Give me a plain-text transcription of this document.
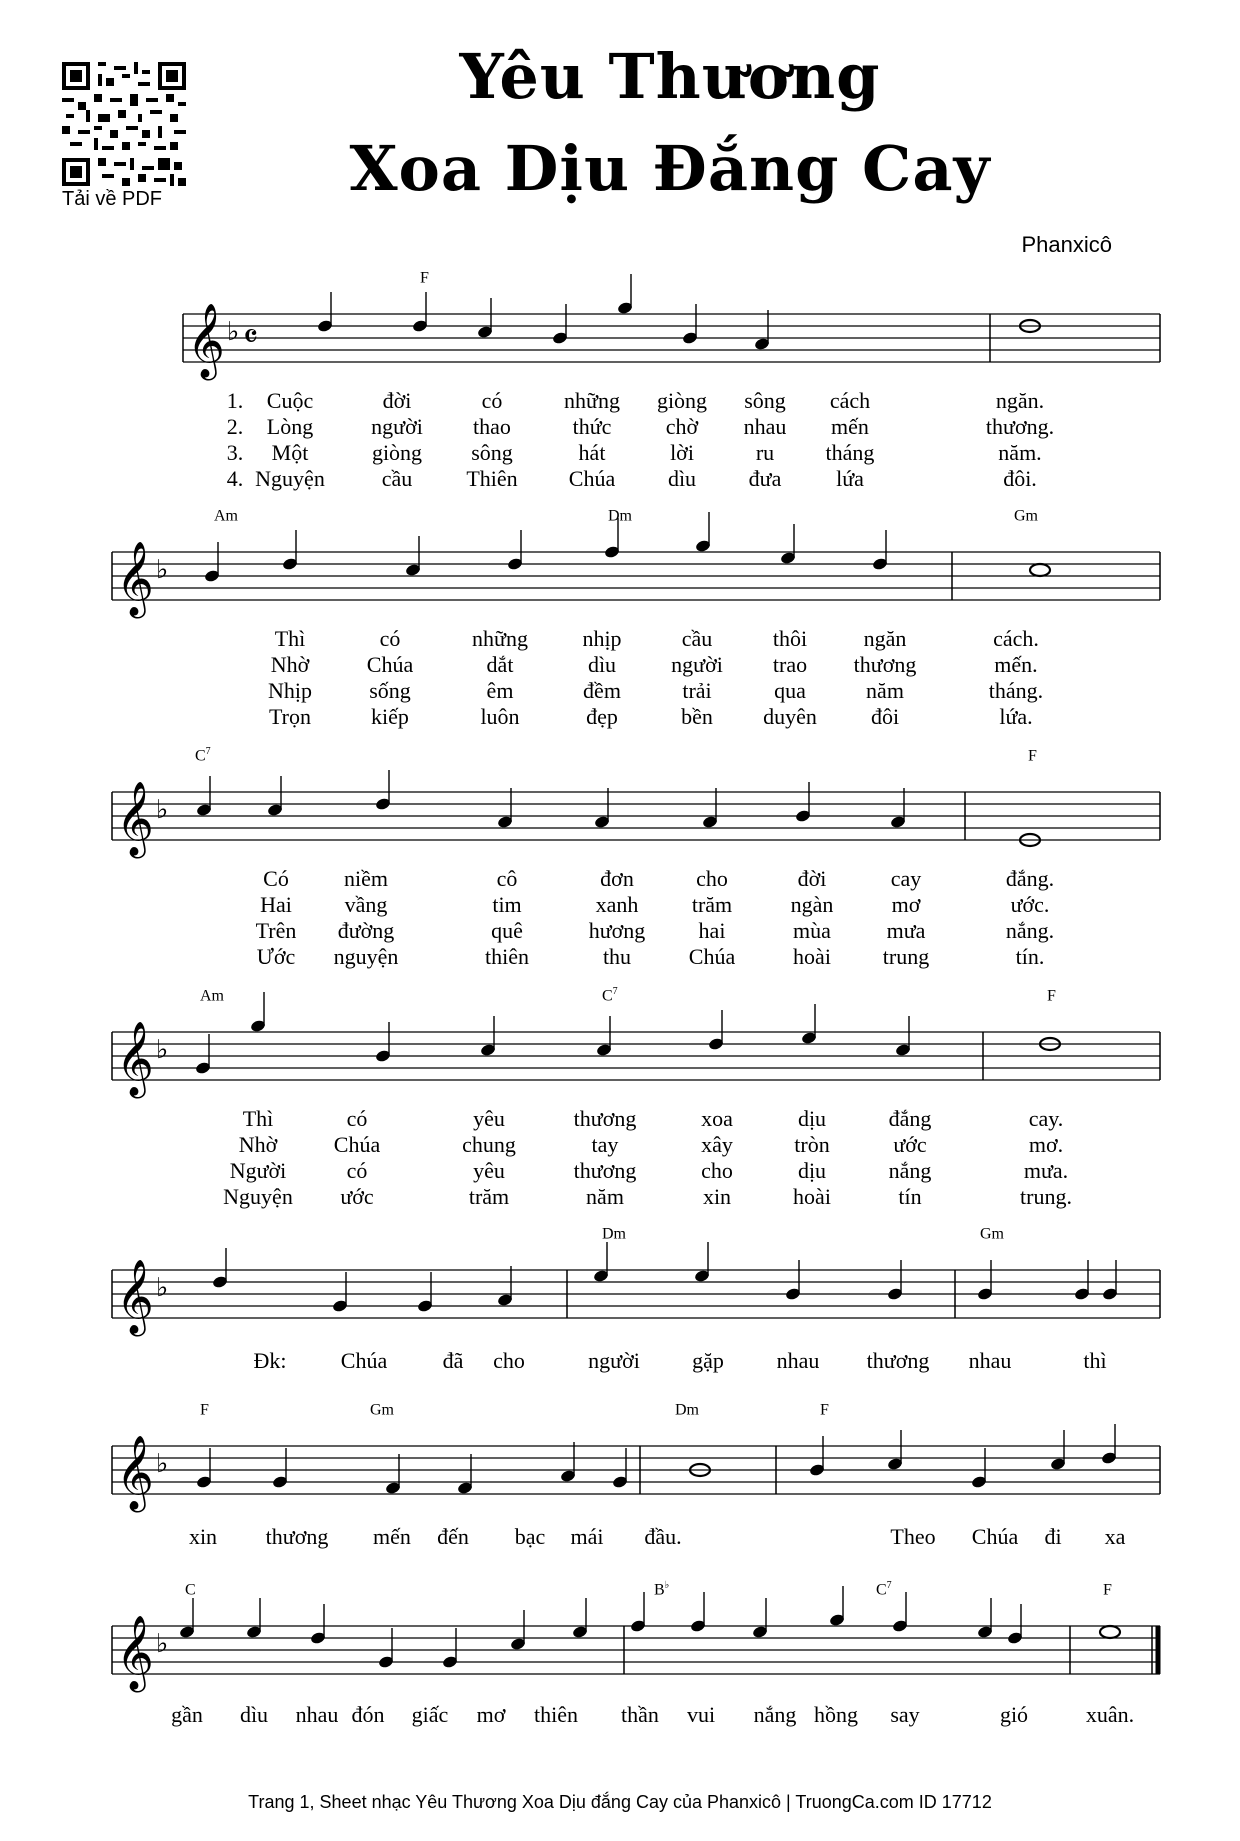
Tải về PDF
Yêu Thương
Xoa Dịu Đắng Cay
Phanxicô
𝄞 ♭ 𝄴
F
1. Cuộc	đời	có	những giòng sông cách	ngăn.
2. Lòng	người thao	thức chờ nhau mến	thương.
3. Một	giòng sông	hát	lời	ru tháng	năm.
4. Nguyện	cầu Thiên Chúa dìu đưa lứa	đôi.
𝄞 ♭
Am	Dm	Gm
Thì	có	những nhịp	cầu	thôi	ngăn	cách.
Nhờ	Chúa	dắt	dìu	người trao thương	mến.
Nhịp	sống	êm	đềm	trải	qua	năm	tháng.
Trọn	kiếp	luôn	đẹp	bền duyên đôi	lứa.
𝄞 ♭
$C^7$	F
Có	niềm	cô	đơn	cho	đời	cay	đắng.
Hai vầng	tim	xanh trăm	ngàn	mơ	ước.
Trên đường	quê	hương hai	mùa	mưa	nắng.
Ước nguyện	thiên	thu	Chúa	hoài trung	tín.
𝄞 ♭
Am	$C^7$	F
Thì	có	yêu	thương	xoa	dịu	đắng	cay.
Nhờ	Chúa	chung	tay	xây	tròn	ước	mơ.
Người	có	yêu	thương	cho	dịu	nắng	mưa.
Nguyện ước	trăm	năm	xin	hoài	tín	trung.
𝄞 ♭
Dm	Gm
Đk: Chúa	đã cho	người gặp nhau thương nhau	thì
𝄞 ♭
F	Gm	Dm	F
xin thương mến đến bạc mái đầu.	Theo Chúa đi xa
𝄞 ♭
C	B♭	$C^7$	F
gần dìu nhau đón giấc mơ thiên thần vui nắng hồng say	gió	xuân.
Trang 1, Sheet nhạc Yêu Thương Xoa Dịu đắng Cay của Phanxicô | TruongCa.com ID 17712
